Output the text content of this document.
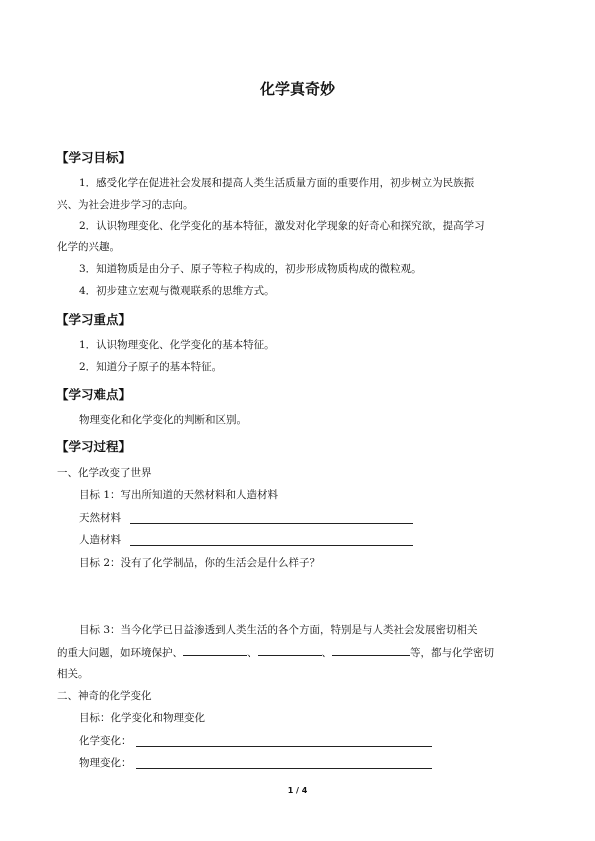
化学真奇妙
【学习目标】
1．感受化学在促进社会发展和提高人类生活质量方面的重要作用，初步树立为民族振
兴、为社会进步学习的志向。
2．认识物理变化、化学变化的基本特征，激发对化学现象的好奇心和探究欲，提高学习
化学的兴趣。
3．知道物质是由分子、原子等粒子构成的，初步形成物质构成的微粒观。
4．初步建立宏观与微观联系的思维方式。
【学习重点】
1．认识物理变化、化学变化的基本特征。
2．知道分子原子的基本特征。
【学习难点】
物理变化和化学变化的判断和区别。
【学习过程】
一、化学改变了世界
目标 1：写出所知道的天然材料和人造材料
天然材料
人造材料
目标 2：没有了化学制品，你的生活会是什么样子？
目标 3：当今化学已日益渗透到人类生活的各个方面，特别是与人类社会发展密切相关
的重大问题，如环境保护、	、	、	等，都与化学密切
相关。
二、神奇的化学变化
目标：化学变化和物理变化
化学变化：
物理变化：
1 / 4
